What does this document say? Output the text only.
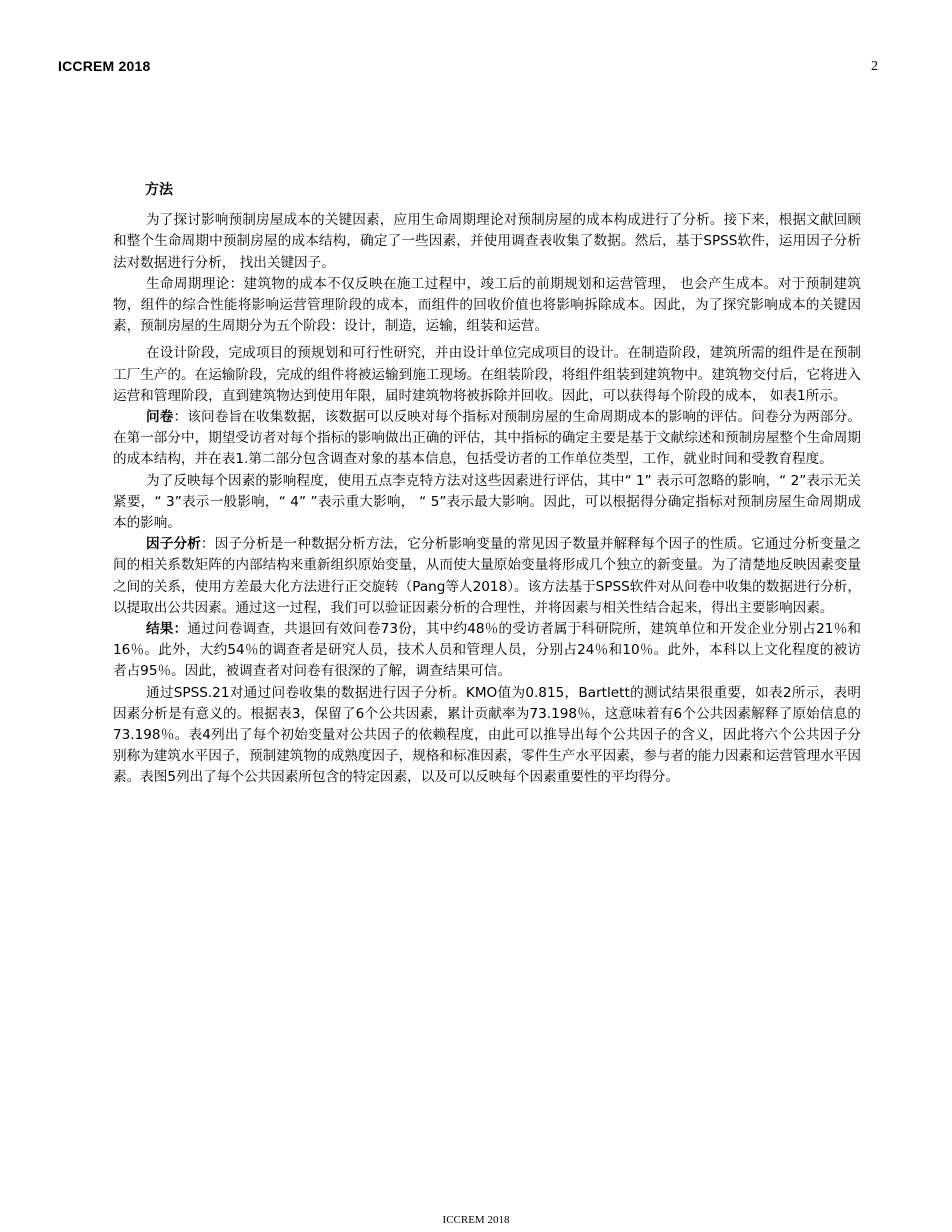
ICCREM 2018	2
方法

为了探讨影响预制房屋成本的关键因素，应用生命周期理论对预制房屋的成本构成进行了分析。接下来，根据文献回顾和整个生命周期中预制房屋的成本结构，确定了一些因素，并使用调查表收集了数据。然后，基于SPSS软件，运用因子分析法对数据进行分析， 找出关键因子。

生命周期理论：建筑物的成本不仅反映在施工过程中，竣工后的前期规划和运营管理， 也会产生成本。对于预制建筑物，组件的综合性能将影响运营管理阶段的成本，而组件的回收价值也将影响拆除成本。因此，为了探究影响成本的关键因素，预制房屋的生周期分为五个阶段：设计，制造，运输，组装和运营。

在设计阶段，完成项目的预规划和可行性研究，并由设计单位完成项目的设计。在制造阶段，建筑所需的组件是在预制工厂生产的。在运输阶段，完成的组件将被运输到施工现场。在组装阶段，将组件组装到建筑物中。建筑物交付后，它将进入运营和管理阶段，直到建筑物达到使用年限，届时建筑物将被拆除并回收。因此，可以获得每个阶段的成本， 如表1所示。

问卷：该问卷旨在收集数据，该数据可以反映对每个指标对预制房屋的生命周期成本的影响的评估。问卷分为两部分。在第一部分中，期望受访者对每个指标的影响做出正确的评估，其中指标的确定主要是基于文献综述和预制房屋整个生命周期的成本结构，并在表1.第二部分包含调查对象的基本信息，包括受访者的工作单位类型，工作，就业时间和受教育程度。

为了反映每个因素的影响程度，使用五点李克特方法对这些因素进行评估，其中“ 1” 表示可忽略的影响，“ 2”表示无关紧要，“ 3”表示一般影响，“ 4” ”表示重大影响， “ 5”表示最大影响。因此，可以根据得分确定指标对预制房屋生命周期成本的影响。

因子分析：因子分析是一种数据分析方法，它分析影响变量的常见因子数量并解释每个因子的性质。它通过分析变量之间的相关系数矩阵的内部结构来重新组织原始变量，从而使大量原始变量将形成几个独立的新变量。为了清楚地反映因素变量之间的关系，使用方差最大化方法进行正交旋转（Pang等人2018）。该方法基于SPSS软件对从问卷中收集的数据进行分析，以提取出公共因素。通过这一过程，我们可以验证因素分析的合理性，并将因素与相关性结合起来，得出主要影响因素。

结果：通过问卷调查，共退回有效问卷73份，其中约48％的受访者属于科研院所，建筑单位和开发企业分别占21％和16％。此外，大约54％的调查者是研究人员，技术人员和管理人员，分别占24％和10％。此外，本科以上文化程度的被访者占95％。因此，被调查者对问卷有很深的了解，调查结果可信。

通过SPSS.21对通过问卷收集的数据进行因子分析。KMO值为0.815，Bartlett的测试结果很重要，如表2所示，表明因素分析是有意义的。根据表3，保留了6个公共因素，累计贡献率为73.198％，这意味着有6个公共因素解释了原始信息的73.198％。表4列出了每个初始变量对公共因子的依赖程度，由此可以推导出每个公共因子的含义，因此将六个公共因子分别称为建筑水平因子，预制建筑物的成熟度因子，规格和标准因素，零件生产水平因素，参与者的能力因素和运营管理水平因素。表图5列出了每个公共因素所包含的特定因素，以及可以反映每个因素重要性的平均得分。

ICCREM 2018
